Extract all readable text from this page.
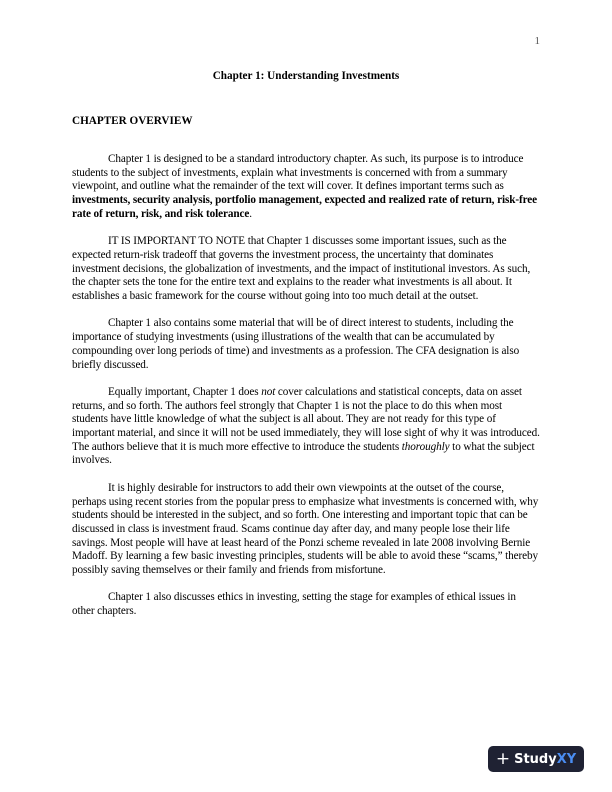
1
Chapter 1: Understanding Investments
CHAPTER OVERVIEW

Chapter 1 is designed to be a standard introductory chapter. As such, its purpose is to introduce students to the subject of investments, explain what investments is concerned with from a summary viewpoint, and outline what the remainder of the text will cover. It defines important terms such as investments, security analysis, portfolio management, expected and realized rate of return, risk-free rate of return, risk, and risk tolerance.

IT IS IMPORTANT TO NOTE that Chapter 1 discusses some important issues, such as the expected return-risk tradeoff that governs the investment process, the uncertainty that dominates investment decisions, the globalization of investments, and the impact of institutional investors. As such, the chapter sets the tone for the entire text and explains to the reader what investments is all about. It establishes a basic framework for the course without going into too much detail at the outset.

Chapter 1 also contains some material that will be of direct interest to students, including the importance of studying investments (using illustrations of the wealth that can be accumulated by compounding over long periods of time) and investments as a profession. The CFA designation is also briefly discussed.

Equally important, Chapter 1 does not cover calculations and statistical concepts, data on asset returns, and so forth. The authors feel strongly that Chapter 1 is not the place to do this when most students have little knowledge of what the subject is all about. They are not ready for this type of important material, and since it will not be used immediately, they will lose sight of why it was introduced. The authors believe that it is much more effective to introduce the students thoroughly to what the subject involves.

It is highly desirable for instructors to add their own viewpoints at the outset of the course, perhaps using recent stories from the popular press to emphasize what investments is concerned with, why students should be interested in the subject, and so forth. One interesting and important topic that can be discussed in class is investment fraud. Scams continue day after day, and many people lose their life savings. Most people will have at least heard of the Ponzi scheme revealed in late 2008 involving Bernie Madoff. By learning a few basic investing principles, students will be able to avoid these “scams,” thereby possibly saving themselves or their family and friends from misfortune.

Chapter 1 also discusses ethics in investing, setting the stage for examples of ethical issues in other chapters.

+ Study XY
